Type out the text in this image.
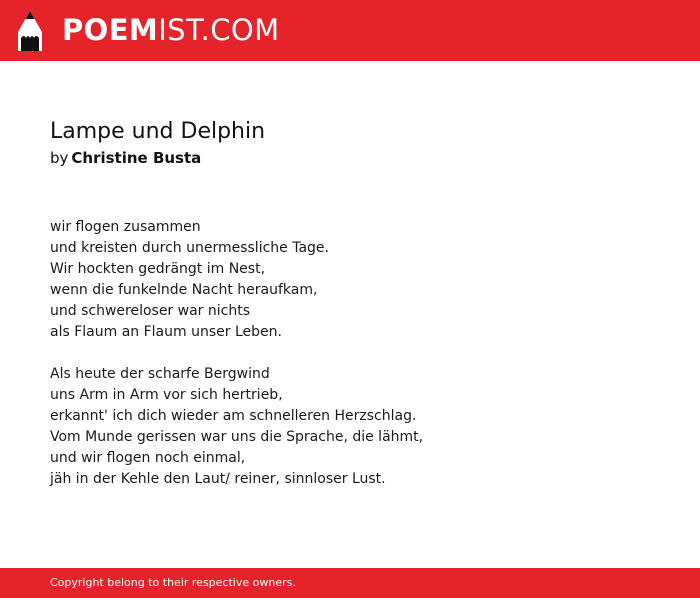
POEMIST.COM
Lampe und Delphin

by Christine Busta

wir flogen zusammen
und kreisten durch unermessliche Tage.
Wir hockten gedrängt im Nest,
wenn die funkelnde Nacht heraufkam,
und schwereloser war nichts
als Flaum an Flaum unser Leben.
Als heute der scharfe Bergwind
uns Arm in Arm vor sich hertrieb,
erkannt' ich dich wieder am schnelleren Herzschlag.
Vom Munde gerissen war uns die Sprache, die lähmt,
und wir flogen noch einmal,
jäh in der Kehle den Laut/ reiner, sinnloser Lust.
Copyright belong to their respective owners.
